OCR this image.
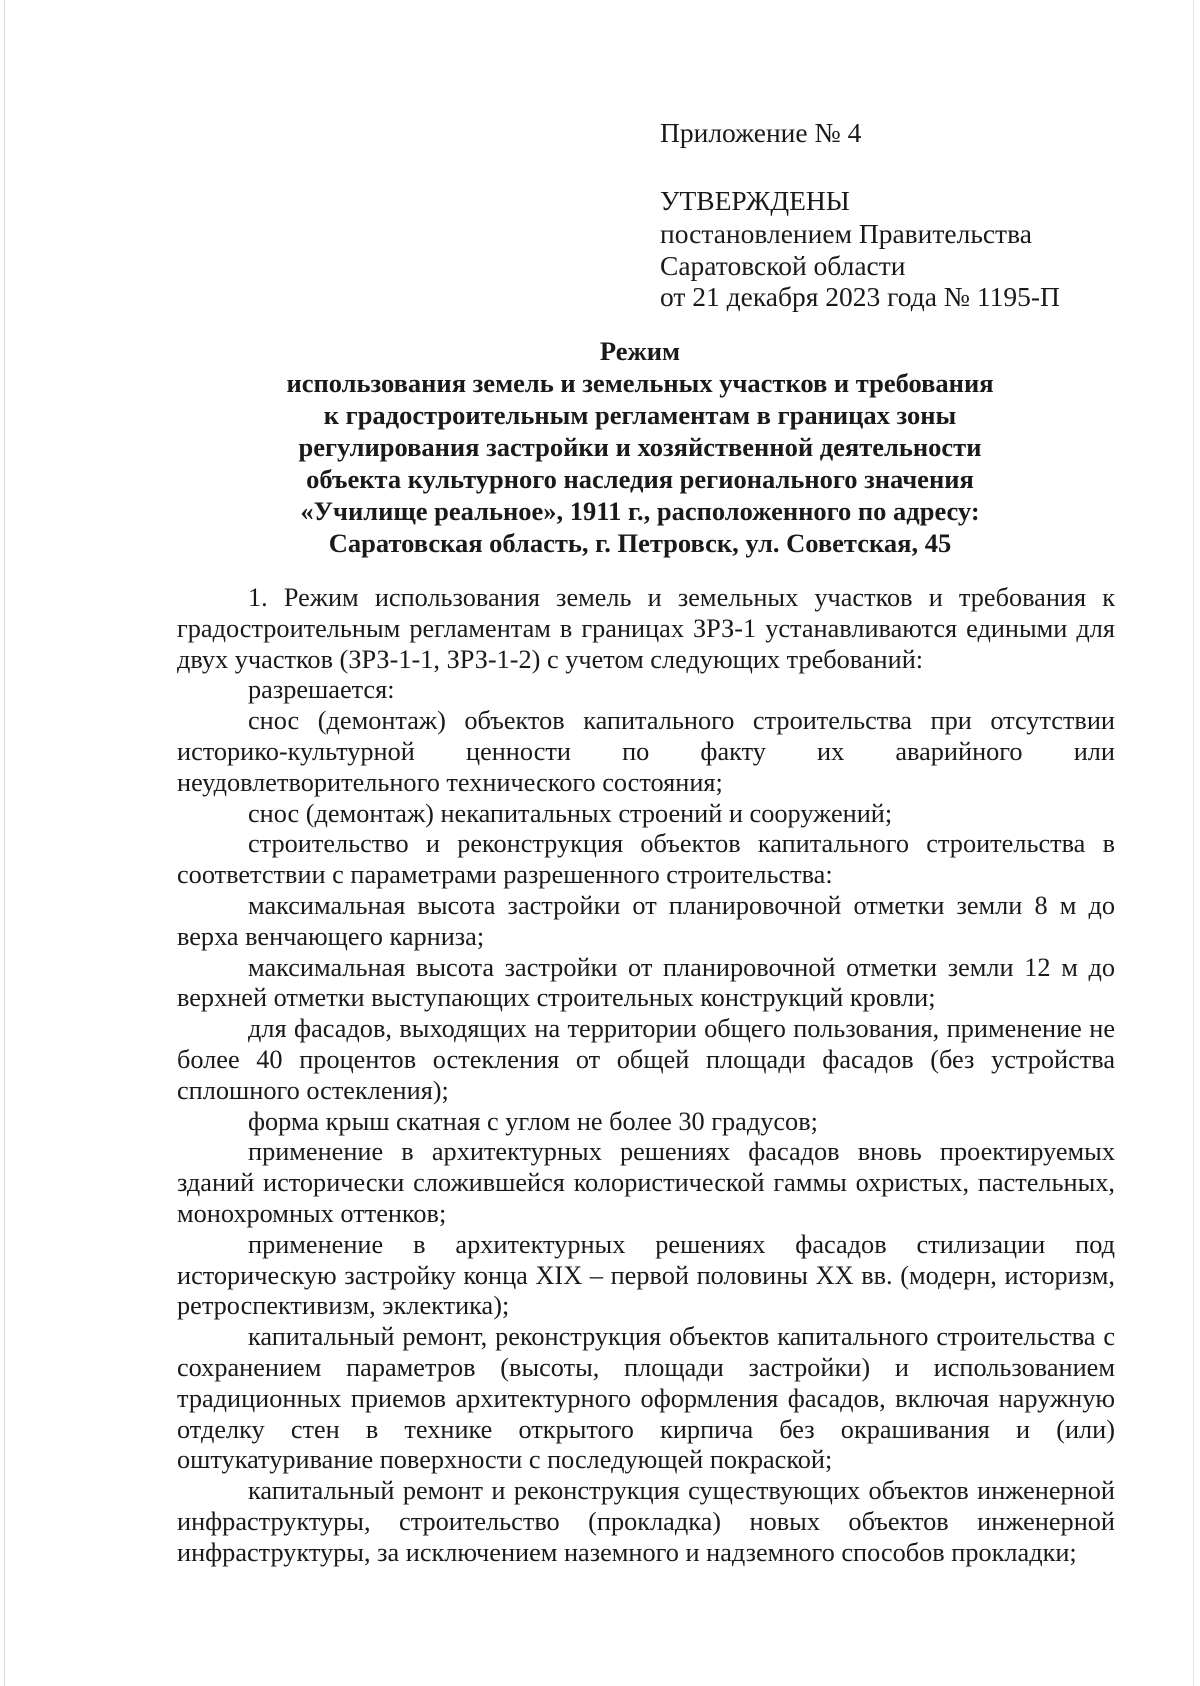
Приложение № 4
УТВЕРЖДЕНЫ
постановлением Правительства
Саратовской области
от 21 декабря 2023 года № 1195-П
Режим
использования земель и земельных участков и требования
к градостроительным регламентам в границах зоны
регулирования застройки и хозяйственной деятельности
объекта культурного наследия регионального значения
«Училище реальное», 1911 г., расположенного по адресу:
Саратовская область, г. Петровск, ул. Советская, 45

1. Режим использования земель и земельных участков и требования к градостроительным регламентам в границах ЗРЗ-1 устанавливаются едиными для двух участков (ЗРЗ-1-1, ЗРЗ-1-2) с учетом следующих требований:

разрешается:

снос (демонтаж) объектов капитального строительства при отсутствии историко-культурной ценности по факту их аварийного или неудовлетворительного технического состояния;

снос (демонтаж) некапитальных строений и сооружений;

строительство и реконструкция объектов капитального строительства в соответствии с параметрами разрешенного строительства:

максимальная высота застройки от планировочной отметки земли 8 м до верха венчающего карниза;

максимальная высота застройки от планировочной отметки земли 12 м до верхней отметки выступающих строительных конструкций кровли;

для фасадов, выходящих на территории общего пользования, применение не более 40 процентов остекления от общей площади фасадов (без устройства сплошного остекления);

форма крыш скатная с углом не более 30 градусов;

применение в архитектурных решениях фасадов вновь проектируемых зданий исторически сложившейся колористической гаммы охристых, пастельных, монохромных оттенков;

применение в архитектурных решениях фасадов стилизации под историческую застройку конца XIX – первой половины XX вв. (модерн, историзм, ретроспективизм, эклектика);

капитальный ремонт, реконструкция объектов капитального строительства с сохранением параметров (высоты, площади застройки) и использованием традиционных приемов архитектурного оформления фасадов, включая наружную отделку стен в технике открытого кирпича без окрашивания и (или) оштукатуривание поверхности с последующей покраской;

капитальный ремонт и реконструкция существующих объектов инженерной инфраструктуры, строительство (прокладка) новых объектов инженерной инфраструктуры, за исключением наземного и надземного способов прокладки;
